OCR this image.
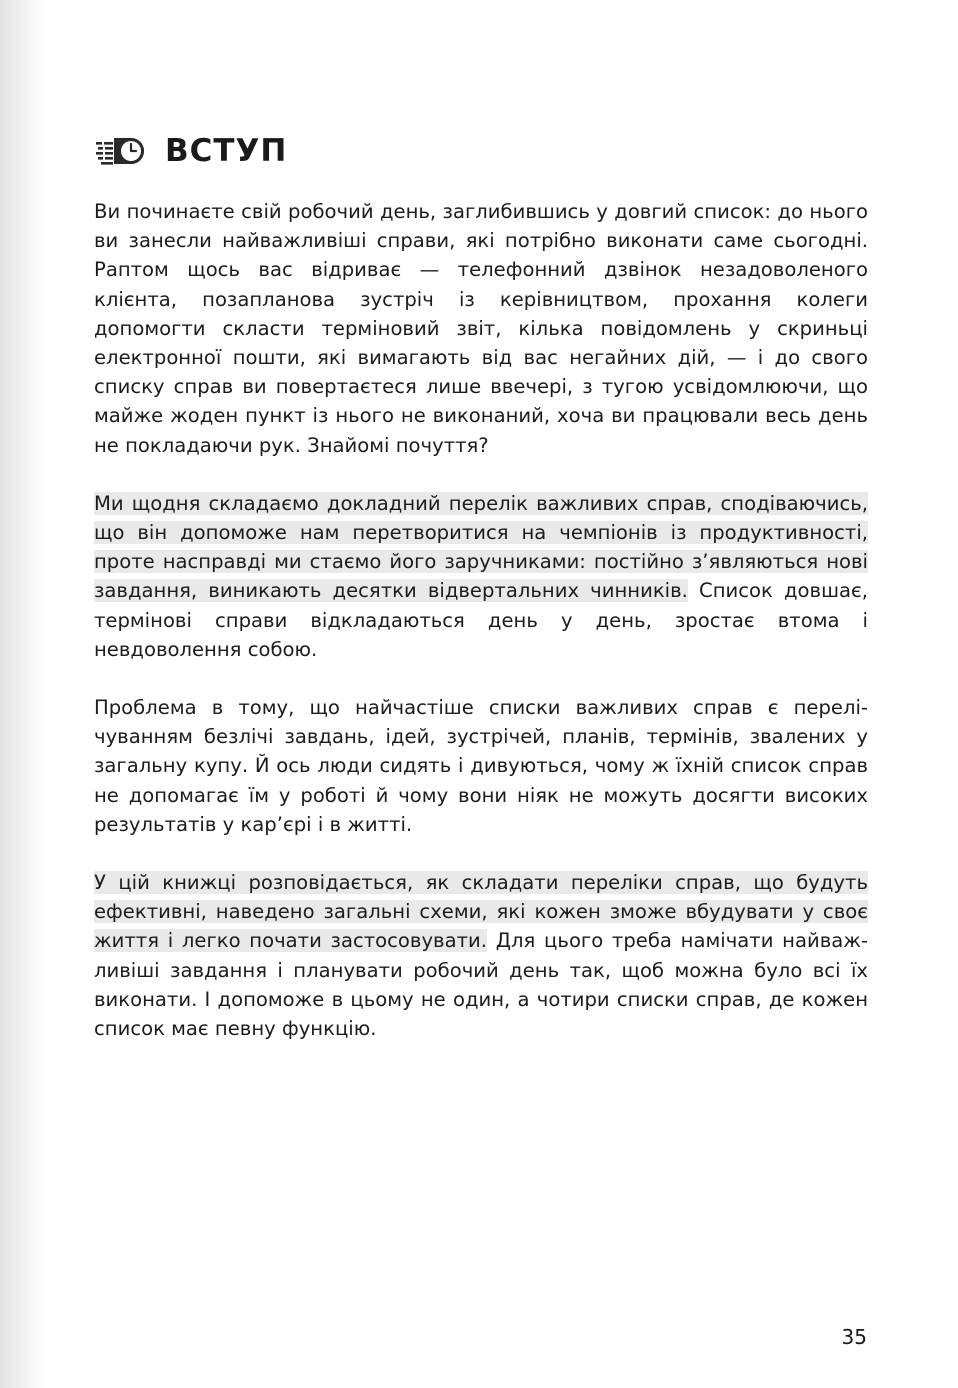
ВСТУП

Ви починаєте свій робочий день, заглибившись у довгий список: до нього ви занесли найважливіші справи, які потрібно виконати саме сьогодні. Раптом щось вас відриває — телефонний дзвінок незадоволеного клієнта, позапланова зустріч із керівництвом, прохання колеги допомогти скласти терміновий звіт, кілька повідомлень у скриньці електронної пошти, які вимагають від вас негайних дій, — і до свого списку справ ви повертаєтеся лише ввечері, з тугою усвідомлюючи, що майже жоден пункт із нього не виконаний, хоча ви працювали весь день не покладаючи рук. Знайомі почуття?

Ми щодня складаємо докладний перелік важливих справ, сподіваючись, що він допоможе нам перетворитися на чемпіонів із продуктивності, проте насправді ми стаємо його заручниками: постійно з’являються нові завдання, виникають десятки відвертальних чинників. Список довшає, термінові справи відкладаються день у день, зростає втома і невдоволення собою.

Проблема в тому, що найчастіше списки важливих справ є перелічуванням безлічі завдань, ідей, зустрічей, планів, термінів, звалених у загальну купу. Й ось люди сидять і дивуються, чому ж їхній список справ не допомагає їм у роботі й чому вони ніяк не можуть досягти високих результатів у кар’єрі і в житті.

У цій книжці розповідається, як складати переліки справ, що будуть ефективні, наведено загальні схеми, які кожен зможе вбудувати у своє життя і легко почати застосовувати. Для цього треба намічати найважливіші завдання і планувати робочий день так, щоб можна було всі їх виконати. І допоможе в цьому не один, а чотири списки справ, де кожен список має певну функцію.

35
